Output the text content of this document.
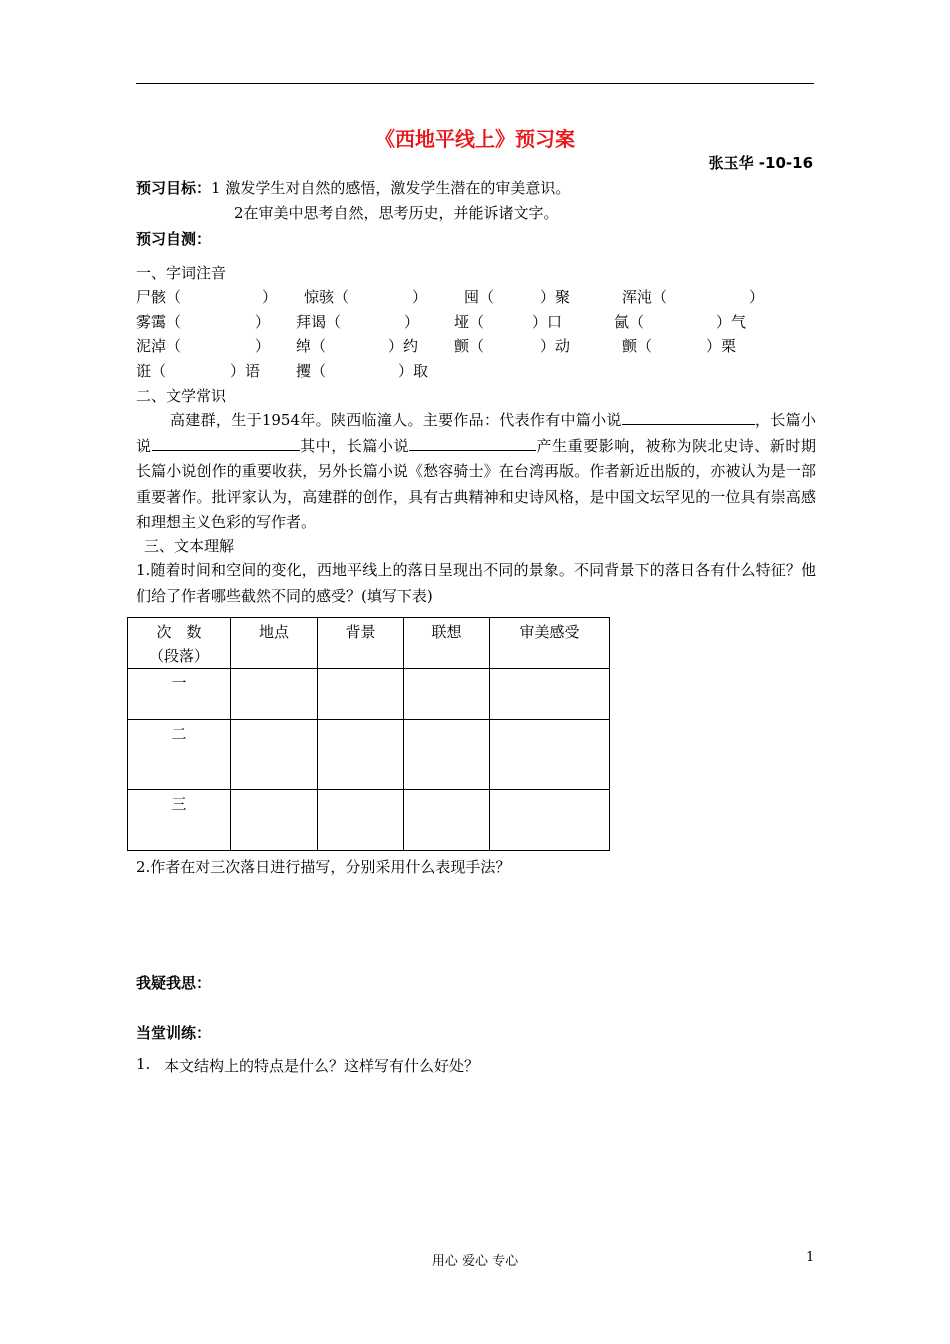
《西地平线上》预习案
张玉华 -10-16
预习目标：1 激发学生对自然的感悟，激发学生潜在的审美意识。
2在审美中思考自然，思考历史，并能诉诸文字。
预习自测：
一、字词注音
尸骸（	） 惊骇（	） 囤（	）聚	浑沌（	）
雾霭（	） 拜谒（	） 垭（	）口	氤（	）气
泥淖（	） 绰（	）约 颤（	）动	颤（	）栗
诳（	）语 攫（	）取
二、文学常识
高建群，生于1954年。陕西临潼人。主要作品：代表作有中篇小说	，长篇小说	其中，长篇小说	产生重要影响，被称为陕北史诗、新时期长篇小说创作的重要收获，另外长篇小说《愁容骑士》在台湾再版。作者新近出版的，亦被认为是一部重要著作。批评家认为，高建群的创作，具有古典精神和史诗风格，是中国文坛罕见的一位具有崇高感和理想主义色彩的写作者。
三、文本理解
1.随着时间和空间的变化，西地平线上的落日呈现出不同的景象。不同背景下的落日各有什么特征？他们给了作者哪些截然不同的感受？(填写下表)
次　数
（段落）	地点	背景	联想	审美感受
一				
二				
三				
2.作者在对三次落日进行描写，分别采用什么表现手法？
我疑我思：
当堂训练：
1. 本文结构上的特点是什么？这样写有什么好处？
用心 爱心 专心	1
